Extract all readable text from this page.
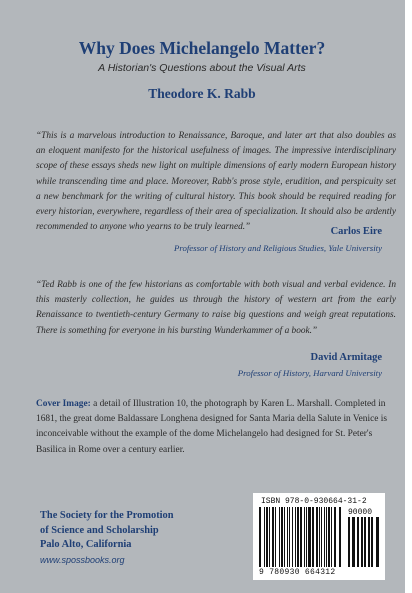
Why Does Michelangelo Matter?
A Historian's Questions about the Visual Arts
Theodore K. Rabb
“This is a marvelous introduction to Renaissance, Baroque, and later art that also doubles as an eloquent manifesto for the historical usefulness of images. The impressive interdisciplinary scope of these essays sheds new light on multiple dimensions of early modern European history while transcending time and place. Moreover, Rabb's prose style, erudition, and perspicuity set a new benchmark for the writing of cultural history. This book should be required reading for every historian, everywhere, regardless of their area of specialization. It should also be ardently recommended to anyone who yearns to be truly learned.”	Carlos Eire
Professor of History and Religious Studies, Yale University
“Ted Rabb is one of the few historians as comfortable with both visual and verbal evidence. In this masterly collection, he guides us through the history of western art from the early Renaissance to twentieth-century Germany to raise big questions and weigh great reputations. There is something for everyone in his bursting Wunderkammer of a book.”
David Armitage
Professor of History, Harvard University
Cover Image: a detail of Illustration 10, the photograph by Karen L. Marshall. Completed in 1681, the great dome Baldassare Longhena designed for Santa Maria della Salute in Venice is inconceivable without the example of the dome Michelangelo had designed for St. Peter's Basilica in Rome over a century earlier.
The Society for the Promotion
of Science and Scholarship
Palo Alto, California
www.spossbooks.org
ISBN 978-0-930664-31-2
90000
9 780930 664312
